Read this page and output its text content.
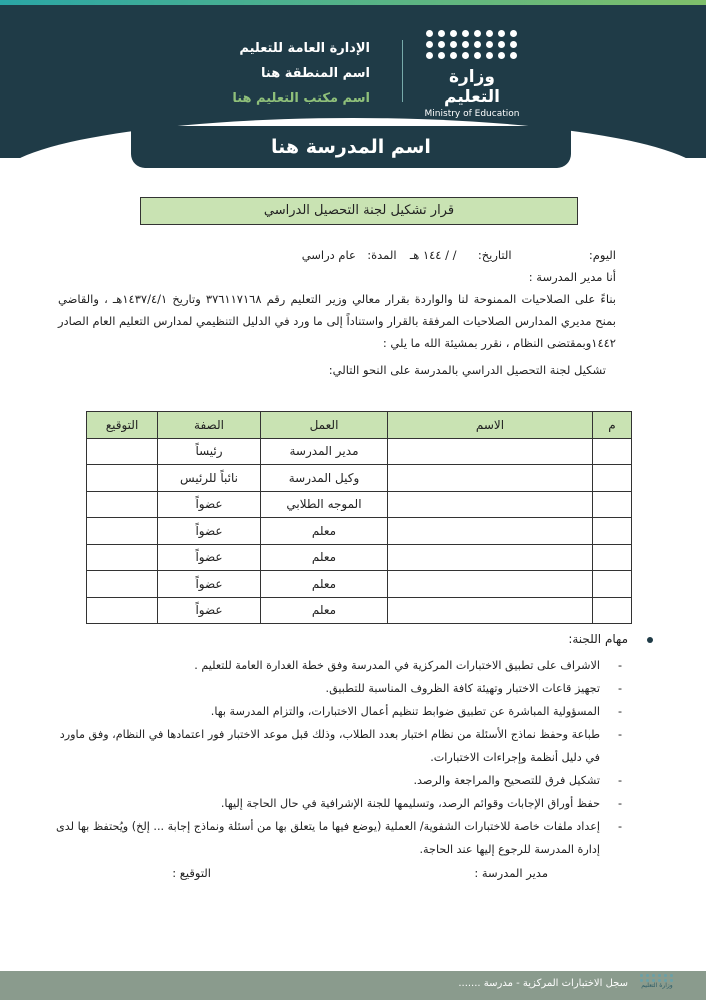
وزارة التعليم
Ministry of Education
الإدارة العامة للتعليم
اسم المنطقة هنا
اسم مكتب التعليم هنا
اسم المدرسة هنا
قرار تشكيل لجنة التحصيل الدراسي
اليوم:  التاريخ:  / / ١٤٤ هـ  المدة:  عام دراسي
أنا مدير المدرسة :
بناءً على الصلاحيات الممنوحة لنا والواردة بقرار معالي وزير التعليم رقم ٣٧٦١١٧١٦٨ وتاريخ ١٤٣٧/٤/١هـ ، والقاضي بمنح مديري المدارس الصلاحيات المرفقة بالقرار واستناداً إلى ما ورد في الدليل التنظيمي لمدارس التعليم العام الصادر ١٤٤٢وبمقتضى النظام ، نقرر بمشيئة الله ما يلي :
تشكيل لجنة التحصيل الدراسي بالمدرسة على النحو التالي:
م	الاسم	العمل	الصفة	التوقيع
		مدير المدرسة	رئيساً	
		وكيل المدرسة	نائباً للرئيس	
		الموجه الطلابي	عضواً	
		معلم	عضواً	
		معلم	عضواً	
		معلم	عضواً	
		معلم	عضواً	
مهام اللجنة:
- الاشراف على تطبيق الاختبارات المركزية في المدرسة وفق خطة الغدارة العامة للتعليم .
- تجهيز قاعات الاختبار وتهيئة كافة الظروف المناسبة للتطبيق.
- المسؤولية المباشرة عن تطبيق ضوابط تنظيم أعمال الاختبارات، والتزام المدرسة بها.
- طباعة وحفظ نماذج الأسئلة من نظام اختبار بعدد الطلاب، وذلك قبل موعد الاختبار فور اعتمادها في النظام، وفق ماورد في دليل أنظمة وإجراءات الاختبارات.
- تشكيل فرق للتصحيح والمراجعة والرصد.
- حفظ أوراق الإجابات وقوائم الرصد، وتسليمها للجنة الإشرافية في حال الحاجة إليها.
- إعداد ملفات خاصة للاختبارات الشفوية/ العملية (يوضع فيها ما يتعلق بها من أسئلة ونماذج إجابة ... إلخ) ويُحتفظ بها لدى إدارة المدرسة للرجوع إليها عند الحاجة.
مدير المدرسة :
التوقيع :
سجل الاختبارات المركزية - مدرسة .......	وزارة التعليم
